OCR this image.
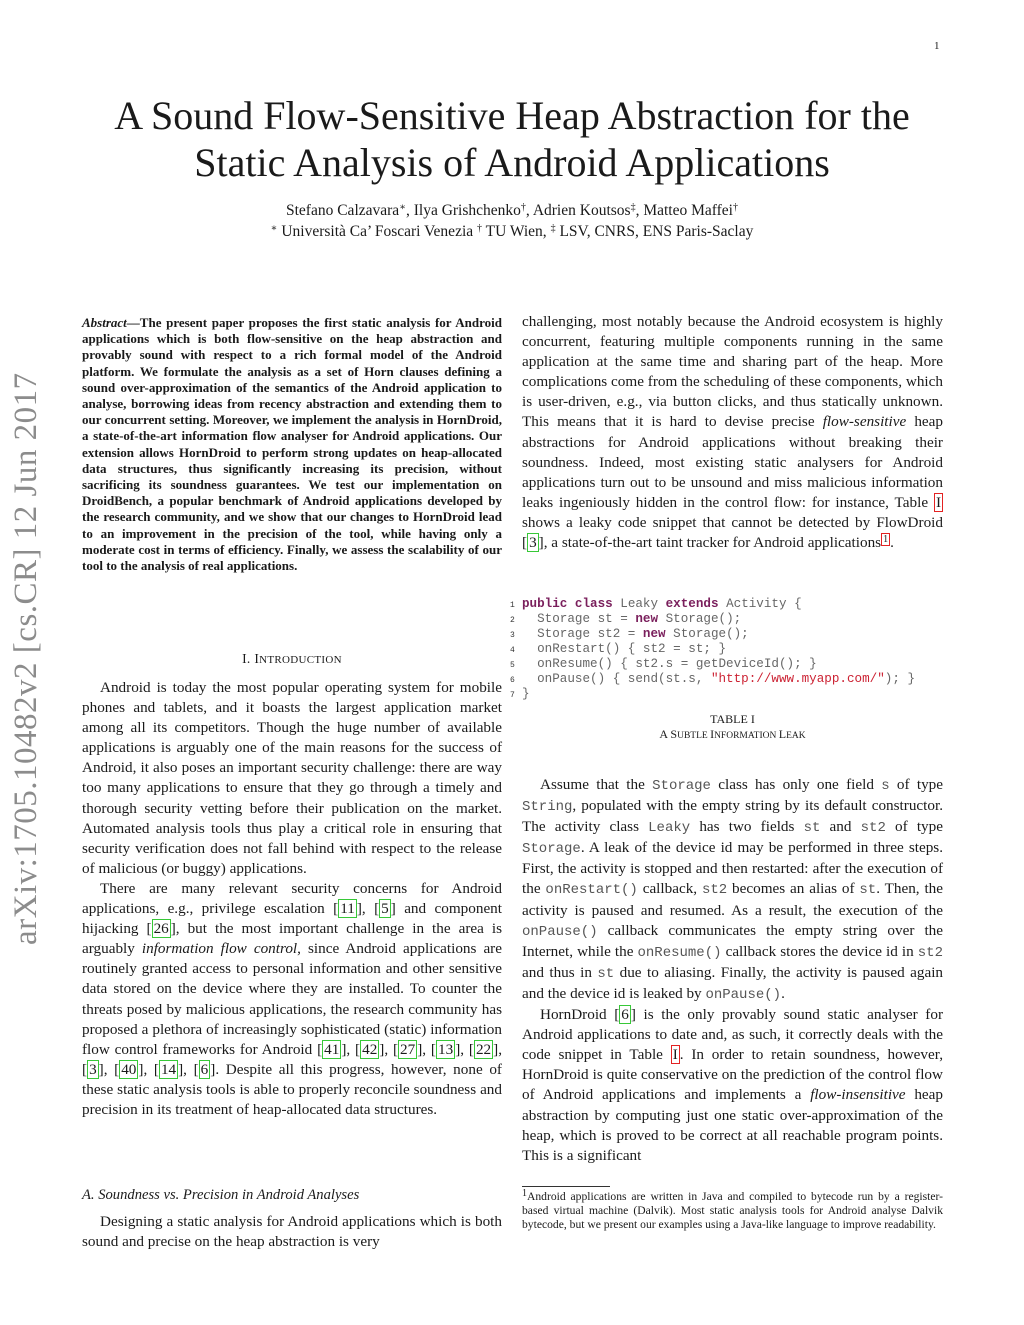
1
arXiv:1705.10482v2 [cs.CR] 12 Jun 2017
A Sound Flow-Sensitive Heap Abstraction for the
Static Analysis of Android Applications
Stefano Calzavara∗, Ilya Grishchenko†, Adrien Koutsos‡, Matteo Maffei†
∗ Università Ca’ Foscari Venezia † TU Wien, ‡ LSV, CNRS, ENS Paris-Saclay
Abstract—The present paper proposes the first static analysis for Android applications which is both flow-sensitive on the heap abstraction and provably sound with respect to a rich formal model of the Android platform. We formulate the analysis as a set of Horn clauses defining a sound over-approximation of the semantics of the Android application to analyse, borrowing ideas from recency abstraction and extending them to our concurrent setting. Moreover, we implement the analysis in HornDroid, a state-of-the-art information flow analyser for Android applications. Our extension allows HornDroid to perform strong updates on heap-allocated data structures, thus significantly increasing its precision, without sacrificing its soundness guarantees. We test our implementation on DroidBench, a popular benchmark of Android applications developed by the research community, and we show that our changes to HornDroid lead to an improvement in the precision of the tool, while having only a moderate cost in terms of efficiency. Finally, we assess the scalability of our tool to the analysis of real applications.
I. INTRODUCTION

Android is today the most popular operating system for mobile phones and tablets, and it boasts the largest application market among all its competitors. Though the huge number of available applications is arguably one of the main reasons for the success of Android, it also poses an important security challenge: there are way too many applications to ensure that they go through a timely and thorough security vetting before their publication on the market. Automated analysis tools thus play a critical role in ensuring that security verification does not fall behind with respect to the release of malicious (or buggy) applications.

There are many relevant security concerns for Android applications, e.g., privilege escalation [ 11 ], [ 5 ] and component hijacking [ 26 ], but the most important challenge in the area is arguably information flow control, since Android applications are routinely granted access to personal information and other sensitive data stored on the device where they are installed. To counter the threats posed by malicious applications, the research community has proposed a plethora of increasingly sophisticated (static) information flow control frameworks for Android [ 41 ], [ 42 ], [ 27 ], [ 13 ], [ 22 ], [ 3 ], [ 40 ], [ 14 ], [ 6 ]. Despite all this progress, however, none of these static analysis tools is able to properly reconcile soundness and precision in its treatment of heap-allocated data structures.

A. Soundness vs. Precision in Android Analyses

Designing a static analysis for Android applications which is both sound and precise on the heap abstraction is very

challenging, most notably because the Android ecosystem is highly concurrent, featuring multiple components running in the same application at the same time and sharing part of the heap. More complications come from the scheduling of these components, which is user-driven, e.g., via button clicks, and thus statically unknown. This means that it is hard to devise precise flow-sensitive heap abstractions for Android applications without breaking their soundness. Indeed, most existing static analysers for Android applications turn out to be unsound and miss malicious information leaks ingeniously hidden in the control flow: for instance, Table I shows a leaky code snippet that cannot be detected by FlowDroid [ 3 ], a state-of-the-art taint tracker for Android applications $^1$ .

1 public class Leaky extends Activity {
2  Storage st = new Storage();
3  Storage st2 = new Storage();
4  onRestart() { st2 = st; }
5  onResume() { st2.s = getDeviceId(); }
6  onPause() { send(st.s, "http://www.myapp.com/"); }
7 }
TABLE I
A SUBTLE INFORMATION LEAK

Assume that the Storage class has only one field s of type String, populated with the empty string by its default constructor. The activity class Leaky has two fields st and st2 of type Storage. A leak of the device id may be performed in three steps. First, the activity is stopped and then restarted: after the execution of the onRestart() callback, st2 becomes an alias of st. Then, the activity is paused and resumed. As a result, the execution of the onPause() callback communicates the empty string over the Internet, while the onResume() callback stores the device id in st2 and thus in st due to aliasing. Finally, the activity is paused again and the device id is leaked by onPause().

HornDroid [ 6 ] is the only provably sound static analyser for Android applications to date and, as such, it correctly deals with the code snippet in Table I . In order to retain soundness, however, HornDroid is quite conservative on the prediction of the control flow of Android applications and implements a flow-insensitive heap abstraction by computing just one static over-approximation of the heap, which is proved to be correct at all reachable program points. This is a significant

$^1$Android applications are written in Java and compiled to bytecode run by a register-based virtual machine (Dalvik). Most static analysis tools for Android analyse Dalvik bytecode, but we present our examples using a Java-like language to improve readability.
